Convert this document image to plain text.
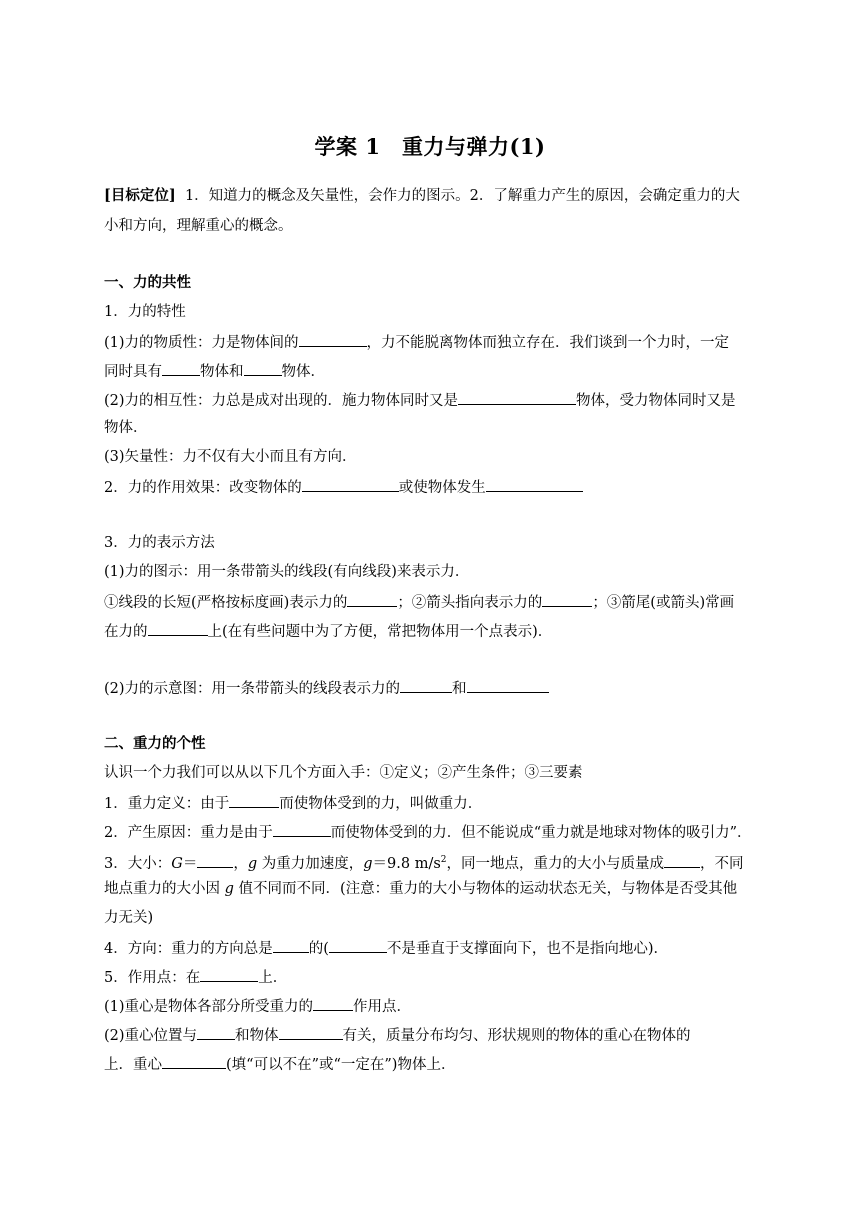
学案 1　重力与弹力(1)
[目标定位] 1．知道力的概念及矢量性，会作力的图示。2．了解重力产生的原因，会确定重力的大
小和方向，理解重心的概念。
一、力的共性
1．力的特性
(1)力的物质性：力是物体间的	，力不能脱离物体而独立存在．我们谈到一个力时，一定
同时具有	物体和	物体．
(2)力的相互性：力总是成对出现的．施力物体同时又是	物体，受力物体同时又是
物体．
(3)矢量性：力不仅有大小而且有方向．
2．力的作用效果：改变物体的	或使物体发生
3．力的表示方法
(1)力的图示：用一条带箭头的线段(有向线段)来表示力．
①线段的长短(严格按标度画)表示力的	；②箭头指向表示力的	；③箭尾(或箭头)常画
在力的	上(在有些问题中为了方便，常把物体用一个点表示)．
(2)力的示意图：用一条带箭头的线段表示力的	和
二、重力的个性
认识一个力我们可以从以下几个方面入手：①定义；②产生条件；③三要素
1．重力定义：由于	而使物体受到的力，叫做重力．
2．产生原因：重力是由于	而使物体受到的力．但不能说成“重力就是地球对物体的吸引力”．
3．大小：G＝ ，g 为重力加速度，g＝9.8 $m/s^2$，同一地点，重力的大小与质量成 ，不同
地点重力的大小因 g 值不同而不同．(注意：重力的大小与物体的运动状态无关，与物体是否受其他
力无关)
4．方向：重力的方向总是 的(	不是垂直于支撑面向下，也不是指向地心)．
5．作用点：在	上．
(1)重心是物体各部分所受重力的	作用点．
(2)重心位置与	和物体	有关，质量分布均匀、形状规则的物体的重心在物体的
上．重心	(填“可以不在”或“一定在”)物体上．
